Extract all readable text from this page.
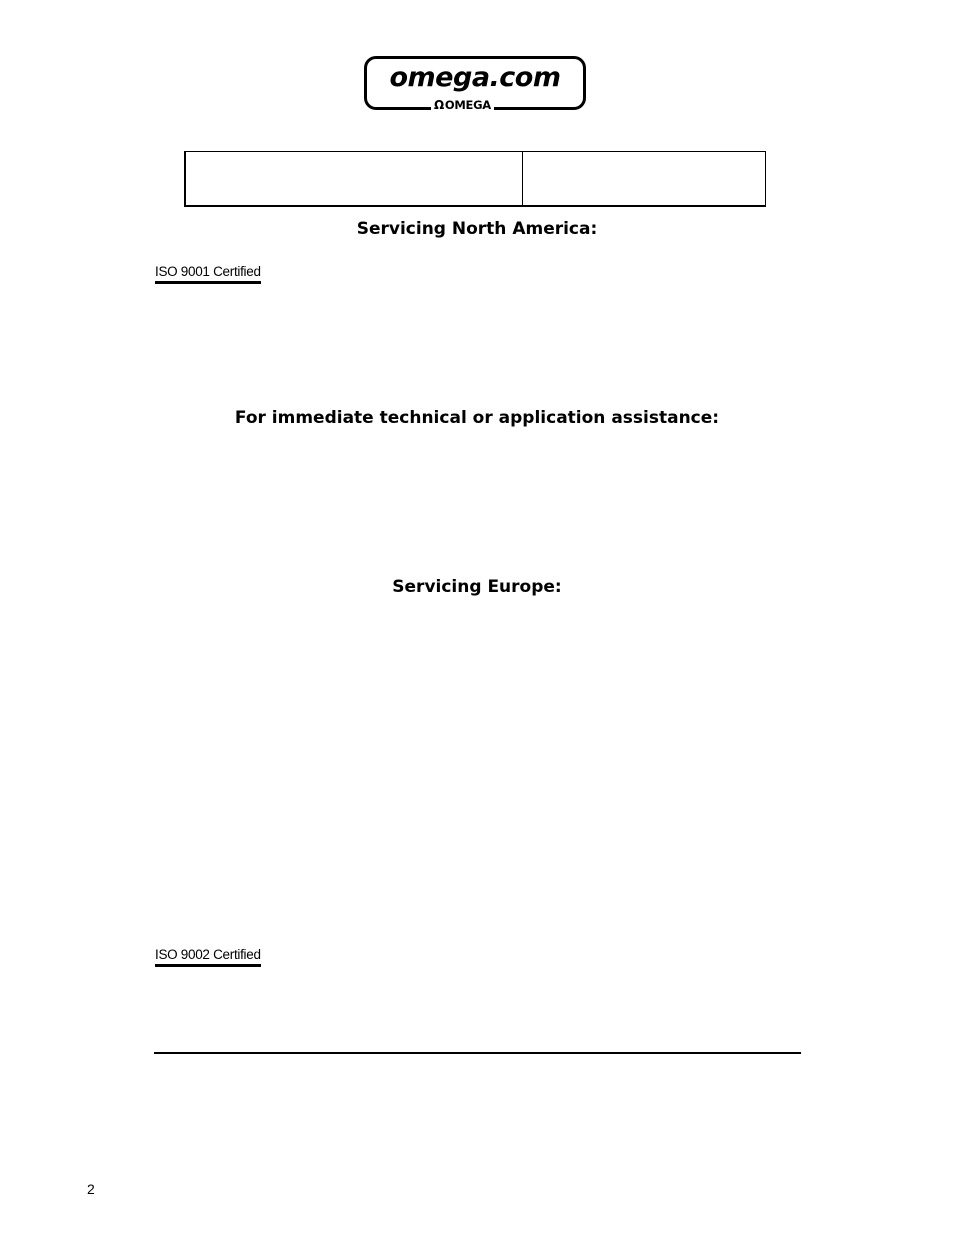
omega.com
ΩOMEGA
Servicing North America:
ISO 9001 Certified
For immediate technical or application assistance:
Servicing Europe:
ISO 9002 Certified
2
